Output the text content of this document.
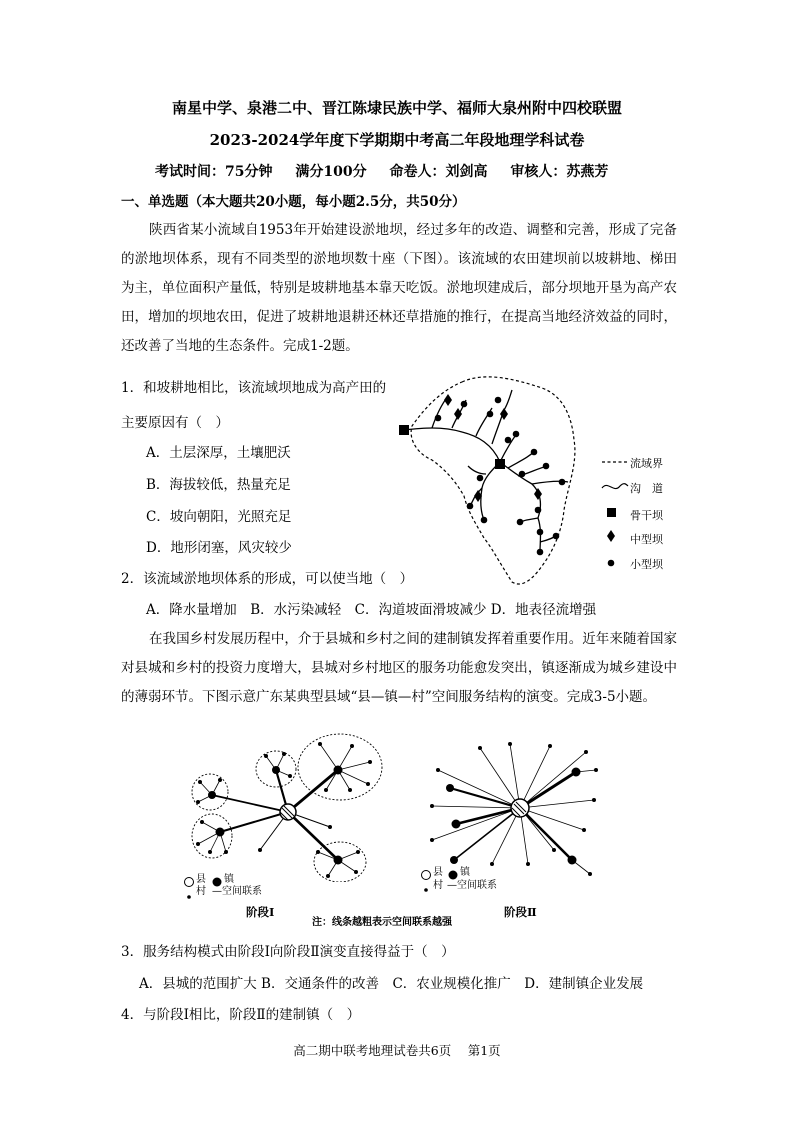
南星中学、泉港二中、晋江陈埭民族中学、福师大泉州附中四校联盟
2023-2024学年度下学期期中考高二年段地理学科试卷
考试时间：75分钟 满分100分 命卷人：刘剑高 审核人：苏燕芳
一、单选题（本大题共20小题，每小题2.5分，共50分）

陕西省某小流域自1953年开始建设淤地坝，经过多年的改造、调整和完善，形成了完备的淤地坝体系，现有不同类型的淤地坝数十座（下图）。该流域的农田建坝前以坡耕地、梯田为主，单位面积产量低，特别是坡耕地基本靠天吃饭。淤地坝建成后，部分坝地开垦为高产农田，增加的坝地农田，促进了坡耕地退耕还林还草措施的推行，在提高当地经济效益的同时，还改善了当地的生态条件。完成1-2题。

1．和坡耕地相比，该流域坝地成为高产田的
主要原因有（　）
A．土层深厚，土壤肥沃
B．海拔较低，热量充足
C．坡向朝阳，光照充足
D．地形闭塞，风灾较少
流域界
沟　道
骨干坝
中型坝
小型坝
2．该流域淤地坝体系的形成，可以使当地（　）
A．降水量增加　B．水污染减轻　C．沟道坡面滑坡减少 D．地表径流增强

在我国乡村发展历程中，介于县城和乡村之间的建制镇发挥着重要作用。近年来随着国家对县城和乡村的投资力度增大，县城对乡村地区的服务功能愈发突出，镇逐渐成为城乡建设中的薄弱环节。下图示意广东某典型县域“县—镇—村”空间服务结构的演变。完成3-5小题。

县 镇
村 —空间联系
县 镇
村 —空间联系
阶段Ⅰ
注：线条越粗表示空间联系越强
阶段Ⅱ
3．服务结构模式由阶段Ⅰ向阶段Ⅱ演变直接得益于（　）
A．县城的范围扩大 B．交通条件的改善　C．农业规模化推广　D．建制镇企业发展
4．与阶段Ⅰ相比，阶段Ⅱ的建制镇（　）
高二期中联考地理试卷共6页　 第1页
